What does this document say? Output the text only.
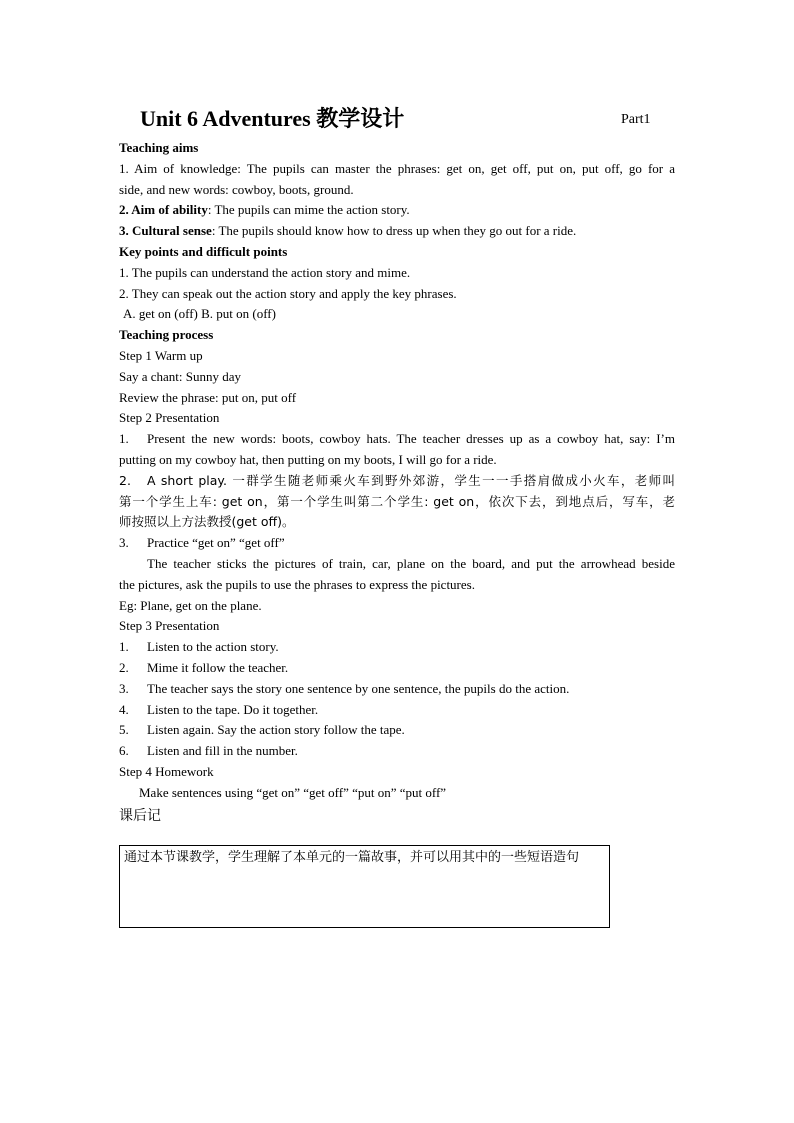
Unit 6 Adventures 教学设计	Part1
Teaching aims
1. Aim of knowledge: The pupils can master the phrases: get on, get off, put on, put off, go for a
side, and new words: cowboy, boots, ground.
2. Aim of ability: The pupils can mime the action story.
3. Cultural sense: The pupils should know how to dress up when they go out for a ride.
Key points and difficult points
1. The pupils can understand the action story and mime.
2. They can speak out the action story and apply the key phrases.
A. get on (off) B. put on (off)
Teaching process
Step 1 Warm up
Say a chant: Sunny day
Review the phrase: put on, put off
Step 2 Presentation
1. Present the new words: boots, cowboy hats. The teacher dresses up as a cowboy hat, say: I’m
putting on my cowboy hat, then putting on my boots, I will go for a ride.
2. A short play. 一群学生随老师乘火车到野外郊游，学生一一手搭肩做成小火车，老师叫
第一个学生上车: get on，第一个学生叫第二个学生: get on，依次下去，到地点后，写车，老
师按照以上方法教授(get off)。
3. Practice “get on” “get off”
The teacher sticks the pictures of train, car, plane on the board, and put the arrowhead beside
the pictures, ask the pupils to use the phrases to express the pictures.
Eg: Plane, get on the plane.
Step 3 Presentation
1. Listen to the action story.
2. Mime it follow the teacher.
3. The teacher says the story one sentence by one sentence, the pupils do the action.
4. Listen to the tape. Do it together.
5. Listen again. Say the action story follow the tape.
6. Listen and fill in the number.
Step 4 Homework
Make sentences using “get on” “get off” “put on” “put off”
课后记
通过本节课教学，学生理解了本单元的一篇故事，并可以用其中的一些短语造句
